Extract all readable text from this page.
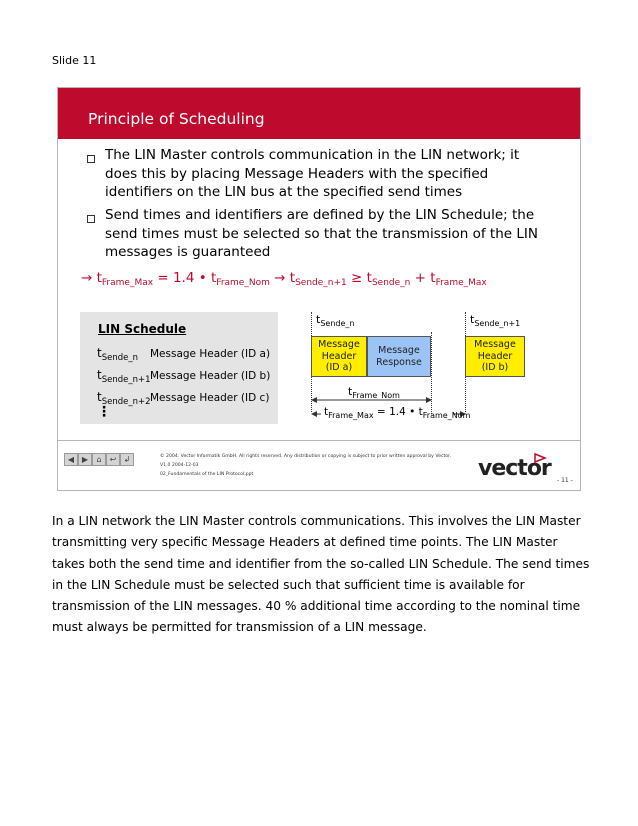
Slide 11
Principle of Scheduling
The LIN Master controls communication in the LIN network; it
does this by placing Message Headers with the specified
identifiers on the LIN bus at the specified send times
Send times and identifiers are defined by the LIN Schedule; the
send times must be selected so that the transmission of the LIN
messages is guaranteed
→ $t_{Frame\_Max} = 1.4$ • $t_{Frame\_Nom} \to t_{Sende\_n+1} \ge t_{Sende\_n} + t_{Frame\_Max}$
LIN Schedule
$t_{Sende\_n}$ Message Header (ID a)
$t_{Sende\_n+1}$ Message Header (ID b)
$t_{Sende\_n+2}$ Message Header (ID c)
⋮
$t_{Sende\_n}$	$t_{Sende\_n+1}$
Message
Header
(ID a)
Message
Response
Message
Header
(ID b)
$t_{Frame\_Nom}$
$t_{Frame\_Max} = 1.4$ • $t_{Frame\_Nom}$
◀ ▶	⌂	↩ ↲	© 2004. Vector Informatik GmbH. All rights reserved. Any distribution or copying is subject to prior written approval by Vector.
V1.0 2004-12-03
02_Fundamentals of the LIN Protocol.ppt	vector - 11 -
In a LIN network the LIN Master controls communications. This involves the LIN Master transmitting very specific Message Headers at defined time points. The LIN Master takes both the send time and identifier from the so-called LIN Schedule. The send times in the LIN Schedule must be selected such that sufficient time is available for transmission of the LIN messages. 40 % additional time according to the nominal time must always be permitted for transmission of a LIN message.
